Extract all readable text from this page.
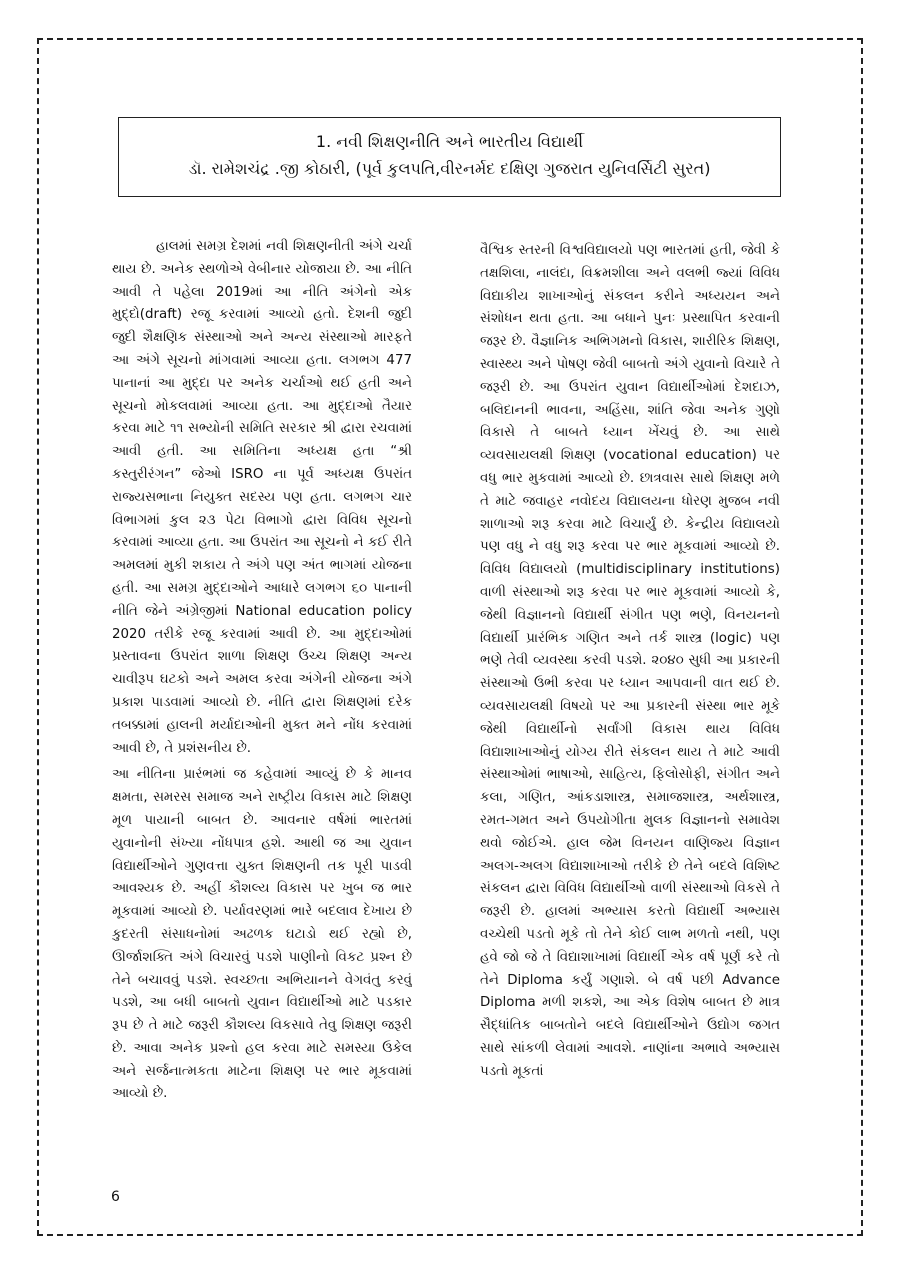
1. નવી શિક્ષણનીતિ અને ભારતીય વિદ્યાર્થી
ડૉ. રામેશચંદ્ર .જી કોઠારી, (પૂર્વ કુલપતિ,વીરનર્મદ દક્ષિણ ગુજરાત યુનિવર્સિટી સુરત)

હાલમાં સમગ્ર દેશમાં નવી શિક્ષણનીતી અંગે ચર્ચા થાય છે. અનેક સ્થળોએ વેબીનાર યોજાયા છે. આ નીતિ આવી તે પહેલા 2019માં આ નીતિ અંગેનો એક મુદ્દો(draft) રજૂ કરવામાં આવ્યો હતો. દેશની જુદી જુદી શૈક્ષણિક સંસ્થાઓ અને અન્ય સંસ્થાઓ મારફતે આ અંગે સૂચનો માંગવામાં આવ્યા હતા. લગભગ 477 પાનાનાં આ મુદ્દા પર અનેક ચર્ચાઓ થઈ હતી અને સૂચનો મોકલવામાં આવ્યા હતા. આ મુદ્દાઓ તૈયાર કરવા માટે ૧૧ સભ્યોની સમિતિ સરકાર શ્રી દ્વારા રચવામાં આવી હતી. આ સમિતિના અધ્યક્ષ હતા “શ્રી કસ્તુરીરંગન” જેઓ ISRO ના પૂર્વ અધ્યક્ષ ઉપરાંત રાજ્યસભાના નિયુક્ત સદસ્ય પણ હતા. લગભગ ચાર વિભાગમાં કુલ ૨૩ પેટા વિભાગો દ્વારા વિવિધ સૂચનો કરવામાં આવ્યા હતા. આ ઉપરાંત આ સૂચનો ને કઈ રીતે અમલમાં મુકી શકાય તે અંગે પણ અંત ભાગમાં યોજના હતી. આ સમગ્ર મુદ્દાઓને આધારે લગભગ ૬૦ પાનાની નીતિ જેને અંગ્રેજીમાં National education policy 2020 તરીકે રજૂ કરવામાં આવી છે. આ મુદ્દાઓમાં પ્રસ્તાવના ઉપરાંત શાળા શિક્ષણ ઉચ્ચ શિક્ષણ અન્ય ચાવીરૂપ ઘટકો અને અમલ કરવા અંગેની યોજના અંગે પ્રકાશ પાડવામાં આવ્યો છે. નીતિ દ્વારા શિક્ષણમાં દરેક તબક્કામાં હાલની મર્યાદાઓની મુક્ત મને નોંધ કરવામાં આવી છે, તે પ્રશંસનીય છે.

આ નીતિના પ્રારંભમાં જ કહેવામાં આવ્યું છે કે માનવ ક્ષમતા, સમરસ સમાજ અને રાષ્ટ્રીય વિકાસ માટે શિક્ષણ મૂળ પાયાની બાબત છે. આવનાર વર્ષમાં ભારતમાં યુવાનોની સંખ્યા નોંધપાત્ર હશે. આથી જ આ યુવાન વિદ્યાર્થીઓને ગુણવત્તા યુક્ત શિક્ષણની તક પૂરી પાડવી આવશ્યક છે. અહીં કૌશલ્ય વિકાસ પર ખુબ જ ભાર મૂકવામાં આવ્યો છે. પર્યાવરણમાં ભારે બદલાવ દેખાય છે કુદરતી સંસાધનોમાં અઢળક ઘટાડો થઈ રહ્યો છે, ઊર્જાશક્તિ અંગે વિચારવું પડશે પાણીનો વિકટ પ્રશ્ન છે તેને બચાવવું પડશે. સ્વચ્છતા અભિયાનને વેગવંતુ કરવું પડશે, આ બધી બાબતો યુવાન વિદ્યાર્થીઓ માટે પડકાર રૂપ છે તે માટે જરૂરી કૌશલ્ય વિકસાવે તેવુ શિક્ષણ જરૂરી છે. આવા અનેક પ્રશ્નો હલ કરવા માટે સમસ્યા ઉકેલ અને સર્જનાત્મકતા માટેના શિક્ષણ પર ભાર મૂકવામાં આવ્યો છે.

વૈશ્વિક સ્તરની વિશ્વવિદ્યાલયો પણ ભારતમાં હતી, જેવી કે તક્ષશિલા, નાલંદા, વિક્રમશીલા અને વલભી જ્યાં વિવિધ વિદ્યાકીય શાખાઓનું સંકલન કરીને અધ્યયન અને સંશોધન થતા હતા. આ બધાને પુનઃ પ્રસ્થાપિત કરવાની જરૂર છે. વૈજ્ઞાનિક અભિગમનો વિકાસ, શારીરિક શિક્ષણ, સ્વાસ્થ્ય અને પોષણ જેવી બાબતો અંગે યુવાનો વિચારે તે જરૂરી છે. આ ઉપરાંત યુવાન વિદ્યાર્થીઓમાં દેશદાઝ, બલિદાનની ભાવના, અહિંસા, શાંતિ જેવા અનેક ગુણો વિકાસે તે બાબતે ધ્યાન ખેંચવું છે. આ સાથે વ્યવસાયલક્ષી શિક્ષણ (vocational education) પર વધુ ભાર મુકવામાં આવ્યો છે. છાત્રવાસ સાથે શિક્ષણ મળે તે માટે જવાહર નવોદય વિદ્યાલયના ધોરણ મુજબ નવી શાળાઓ શરૂ કરવા માટે વિચાર્યું છે. કેન્દ્રીય વિદ્યાલયો પણ વધુ ને વધુ શરૂ કરવા પર ભાર મૂકવામાં આવ્યો છે. વિવિધ વિદ્યાલયો (multidisciplinary institutions) વાળી સંસ્થાઓ શરૂ કરવા પર ભાર મૂકવામાં આવ્યો કે, જેથી વિજ્ઞાનનો વિદ્યાર્થી સંગીત પણ ભણે, વિનયનનો વિદ્યાર્થી પ્રારંભિક ગણિત અને તર્ક શાસ્ત્ર (logic) પણ ભણે તેવી વ્યવસ્થા કરવી પડશે. ૨૦૪૦ સુધી આ પ્રકારની સંસ્થાઓ ઉભી કરવા પર ધ્યાન આપવાની વાત થઈ છે. વ્યવસાયલક્ષી વિષયો પર આ પ્રકારની સંસ્થા ભાર મૂકે જેથી વિદ્યાર્થીનો સર્વાંગી વિકાસ થાય વિવિધ વિદ્યાશાખાઓનું યોગ્ય રીતે સંકલન થાય તે માટે આવી સંસ્થાઓમાં ભાષાઓ, સાહિત્ય, ફિલોસોફી, સંગીત અને કલા, ગણિત, આંકડાશાસ્ત્ર, સમાજશાસ્ત્ર, અર્થશાસ્ત્ર, રમત-ગમત અને ઉપયોગીતા મુલક વિજ્ઞાનનો સમાવેશ થવો જોઈએ. હાલ જેમ વિનયન વાણિજ્ય વિજ્ઞાન અલગ-અલગ વિદ્યાશાખાઓ તરીકે છે તેને બદલે વિશિષ્ટ સંકલન દ્વારા વિવિધ વિદ્યાર્થીઓ વાળી સંસ્થાઓ વિકસે તે જરૂરી છે. હાલમાં અભ્યાસ કરતો વિદ્યાર્થી અભ્યાસ વચ્ચેથી પડતો મૂકે તો તેને કોઈ લાભ મળતો નથી, પણ હવે જો જે તે વિદ્યાશાખામાં વિદ્યાર્થી એક વર્ષ પૂર્ણ કરે તો તેને Diploma કર્યું ગણાશે. બે વર્ષ પછી Advance Diploma મળી શકશે, આ એક વિશેષ બાબત છે માત્ર સૈદ્ધાંતિક બાબતોને બદલે વિદ્યાર્થીઓને ઉદ્યોગ જગત સાથે સાંકળી લેવામાં આવશે. નાણાંના અભાવે અભ્યાસ પડતો મૂકતાં

6
